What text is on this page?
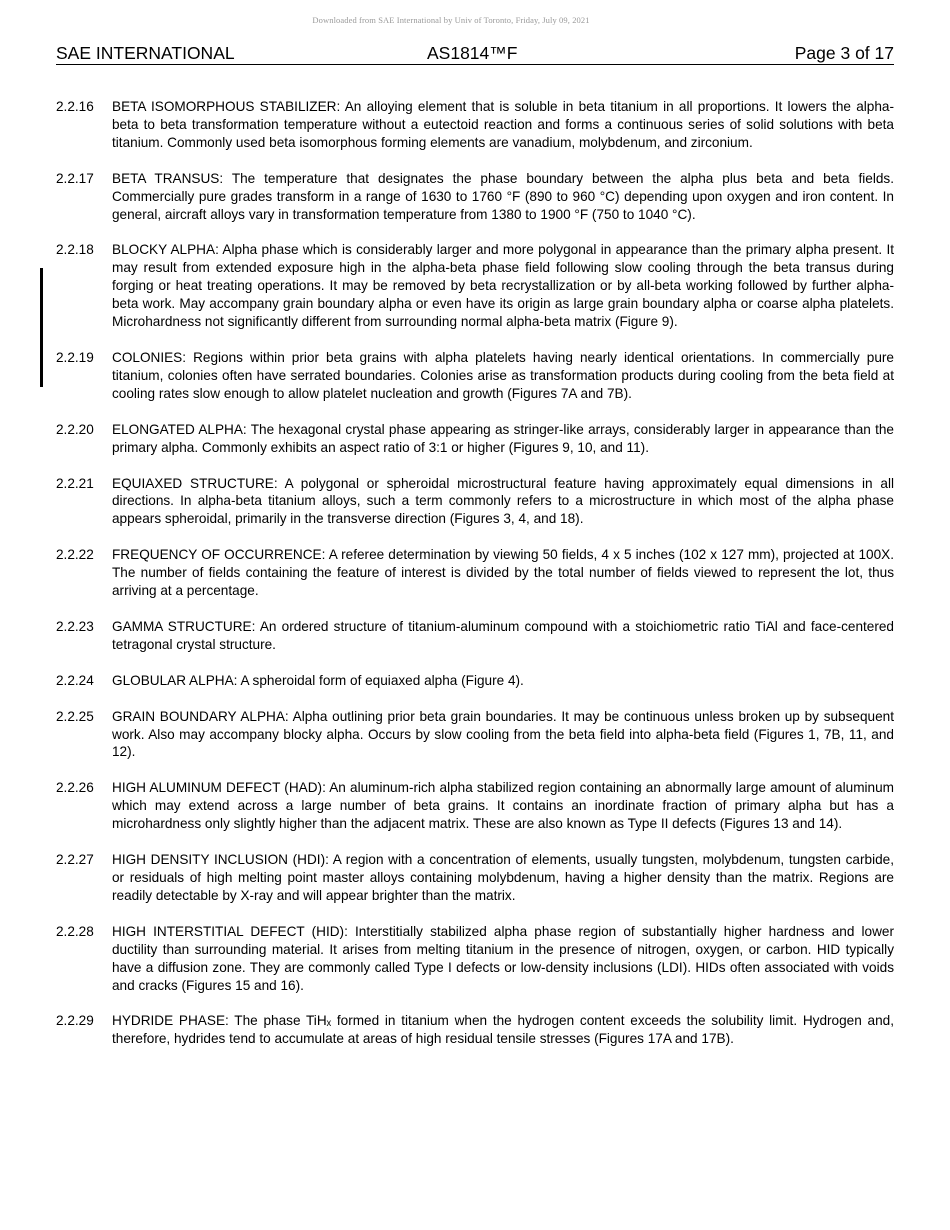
Downloaded from SAE International by Univ of Toronto, Friday, July 09, 2021
SAE INTERNATIONAL	AS1814™F	Page 3 of 17
2.2.16	BETA ISOMORPHOUS STABILIZER: An alloying element that is soluble in beta titanium in all proportions. It lowers the alpha-beta to beta transformation temperature without a eutectoid reaction and forms a continuous series of solid solutions with beta titanium. Commonly used beta isomorphous forming elements are vanadium, molybdenum, and zirconium.
2.2.17	BETA TRANSUS: The temperature that designates the phase boundary between the alpha plus beta and beta fields. Commercially pure grades transform in a range of 1630 to 1760 °F (890 to 960 °C) depending upon oxygen and iron content. In general, aircraft alloys vary in transformation temperature from 1380 to 1900 °F (750 to 1040 °C).
2.2.18	BLOCKY ALPHA: Alpha phase which is considerably larger and more polygonal in appearance than the primary alpha present. It may result from extended exposure high in the alpha-beta phase field following slow cooling through the beta transus during forging or heat treating operations. It may be removed by beta recrystallization or by all-beta working followed by further alpha-beta work. May accompany grain boundary alpha or even have its origin as large grain boundary alpha or coarse alpha platelets. Microhardness not significantly different from surrounding normal alpha-beta matrix (Figure 9).
2.2.19	COLONIES: Regions within prior beta grains with alpha platelets having nearly identical orientations. In commercially pure titanium, colonies often have serrated boundaries. Colonies arise as transformation products during cooling from the beta field at cooling rates slow enough to allow platelet nucleation and growth (Figures 7A and 7B).
2.2.20	ELONGATED ALPHA: The hexagonal crystal phase appearing as stringer-like arrays, considerably larger in appearance than the primary alpha. Commonly exhibits an aspect ratio of 3:1 or higher (Figures 9, 10, and 11).
2.2.21	EQUIAXED STRUCTURE: A polygonal or spheroidal microstructural feature having approximately equal dimensions in all directions. In alpha-beta titanium alloys, such a term commonly refers to a microstructure in which most of the alpha phase appears spheroidal, primarily in the transverse direction (Figures 3, 4, and 18).
2.2.22	FREQUENCY OF OCCURRENCE: A referee determination by viewing 50 fields, 4 x 5 inches (102 x 127 mm), projected at 100X. The number of fields containing the feature of interest is divided by the total number of fields viewed to represent the lot, thus arriving at a percentage.
2.2.23	GAMMA STRUCTURE: An ordered structure of titanium-aluminum compound with a stoichiometric ratio TiAl and face-centered tetragonal crystal structure.
2.2.24	GLOBULAR ALPHA: A spheroidal form of equiaxed alpha (Figure 4).
2.2.25	GRAIN BOUNDARY ALPHA: Alpha outlining prior beta grain boundaries. It may be continuous unless broken up by subsequent work. Also may accompany blocky alpha. Occurs by slow cooling from the beta field into alpha-beta field (Figures 1, 7B, 11, and 12).
2.2.26	HIGH ALUMINUM DEFECT (HAD): An aluminum-rich alpha stabilized region containing an abnormally large amount of aluminum which may extend across a large number of beta grains. It contains an inordinate fraction of primary alpha but has a microhardness only slightly higher than the adjacent matrix. These are also known as Type II defects (Figures 13 and 14).
2.2.27	HIGH DENSITY INCLUSION (HDI): A region with a concentration of elements, usually tungsten, molybdenum, tungsten carbide, or residuals of high melting point master alloys containing molybdenum, having a higher density than the matrix. Regions are readily detectable by X-ray and will appear brighter than the matrix.
2.2.28	HIGH INTERSTITIAL DEFECT (HID): Interstitially stabilized alpha phase region of substantially higher hardness and lower ductility than surrounding material. It arises from melting titanium in the presence of nitrogen, oxygen, or carbon. HID typically have a diffusion zone. They are commonly called Type I defects or low-density inclusions (LDI). HIDs often associated with voids and cracks (Figures 15 and 16).
2.2.29	HYDRIDE PHASE: The phase TiHₓ formed in titanium when the hydrogen content exceeds the solubility limit. Hydrogen and, therefore, hydrides tend to accumulate at areas of high residual tensile stresses (Figures 17A and 17B).
